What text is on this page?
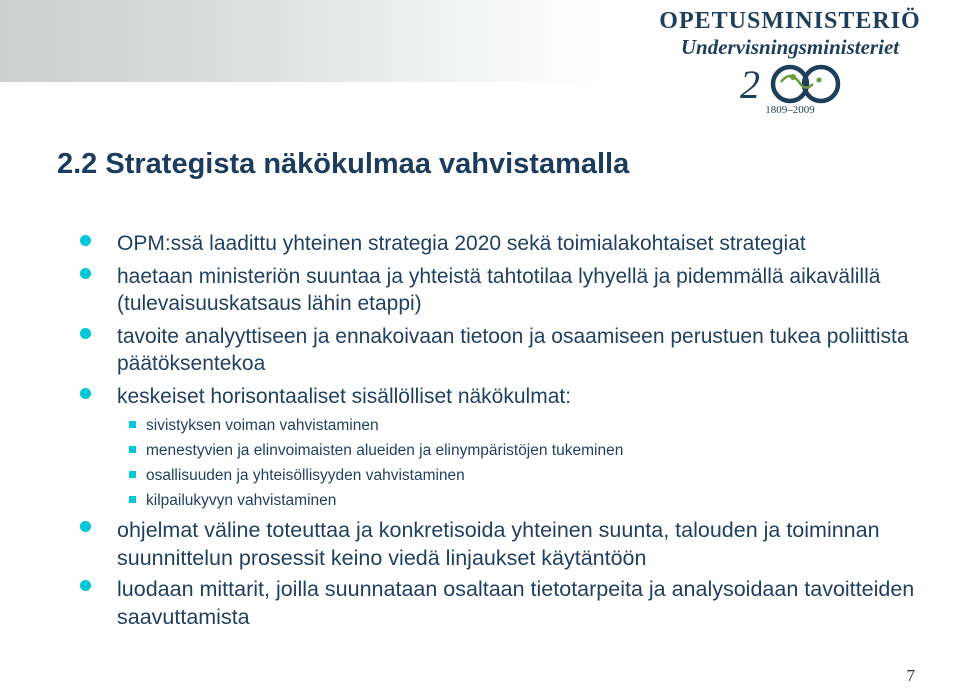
OPETUSMINISTERIÖ
Undervisningsministeriet
2
1809–2009
2.2 Strategista näkökulmaa vahvistamalla
OPM:ssä laadittu yhteinen strategia 2020 sekä toimialakohtaiset strategiat
haetaan ministeriön suuntaa ja yhteistä tahtotilaa lyhyellä ja pidemmällä aikavälillä (tulevaisuuskatsaus lähin etappi)
tavoite analyyttiseen ja ennakoivaan tietoon ja osaamiseen perustuen tukea poliittista päätöksentekoa
keskeiset horisontaaliset sisällölliset näkökulmat:
sivistyksen voiman vahvistaminen
menestyvien ja elinvoimaisten alueiden ja elinympäristöjen tukeminen
osallisuuden ja yhteisöllisyyden vahvistaminen
kilpailukyvyn vahvistaminen
ohjelmat väline toteuttaa ja konkretisoida yhteinen suunta, talouden ja toiminnan suunnittelun prosessit keino viedä linjaukset käytäntöön
luodaan mittarit, joilla suunnataan osaltaan tietotarpeita ja analysoidaan tavoitteiden saavuttamista
7
